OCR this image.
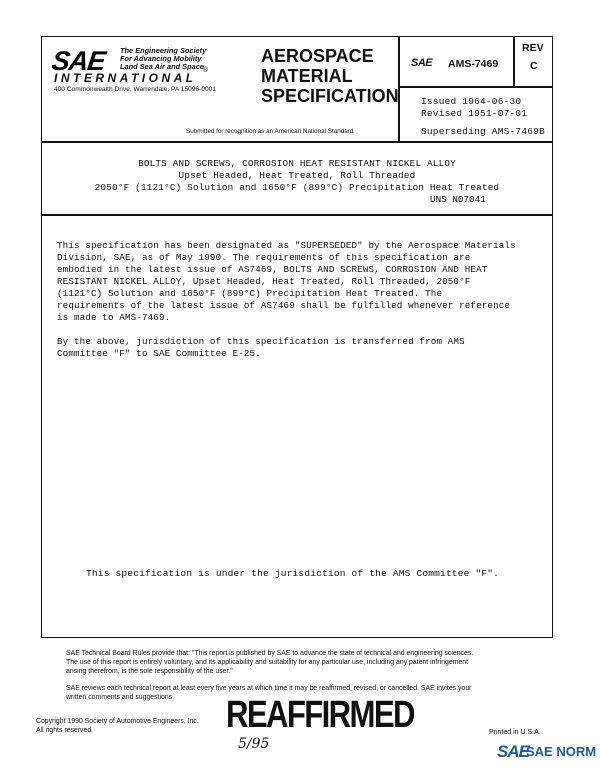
SAE The Engineering Society
For Advancing Mobility
Land Sea Air and Space
INTERNATIONAL
®
400 Commonwealth Drive, Warrendale, PA 15096-0001
AEROSPACE
MATERIAL
SPECIFICATION
SAE AMS-7469
REV
C
Issued 1964-06-30
Revised 1951-07-01
Superseding AMS-7469B
Submitted for recognition as an American National Standard
BOLTS AND SCREWS, CORROSION HEAT RESISTANT NICKEL ALLOY
Upset Headed, Heat Treated, Roll Threaded
2050°F (1121°C) Solution and 1650°F (899°C) Precipitation Heat Treated
UNS N07041
This specification has been designated as "SUPERSEDED" by the Aerospace Materials
Division, SAE, as of May 1990. The requirements of this specification are
embodied in the latest issue of AS7469, BOLTS AND SCREWS, CORROSION AND HEAT
RESISTANT NICKEL ALLOY, Upset Headed, Heat Treated, Roll Threaded, 2050°F
(1121°C) Solution and 1650°F (899°C) Precipitation Heat Treated. The
requirements of the latest issue of AS7469 shall be fulfilled whenever reference
is made to AMS-7469.
By the above, jurisdiction of this specification is transferred from AMS
Committee "F" to SAE Committee E-25.
This specification is under the jurisdiction of the AMS Committee "F".
SAE Technical Board Rules provide that: "This report is published by SAE to advance the state of technical and engineering sciences.
The use of this report is entirely voluntary, and its applicability and suitability for any particular use, including any patent infringement
arising therefrom, is the sole responsibility of the user."
SAE reviews each technical report at least every five years at which time it may be reaffirmed, revised, or cancelled. SAE invites your
written comments and suggestions.
Copyright 1990 Society of Automotive Engineers, Inc.
All rights reserved.	REAFFIRMED
5/95
Printed in U.S.A.
SAE
SAE NORM
